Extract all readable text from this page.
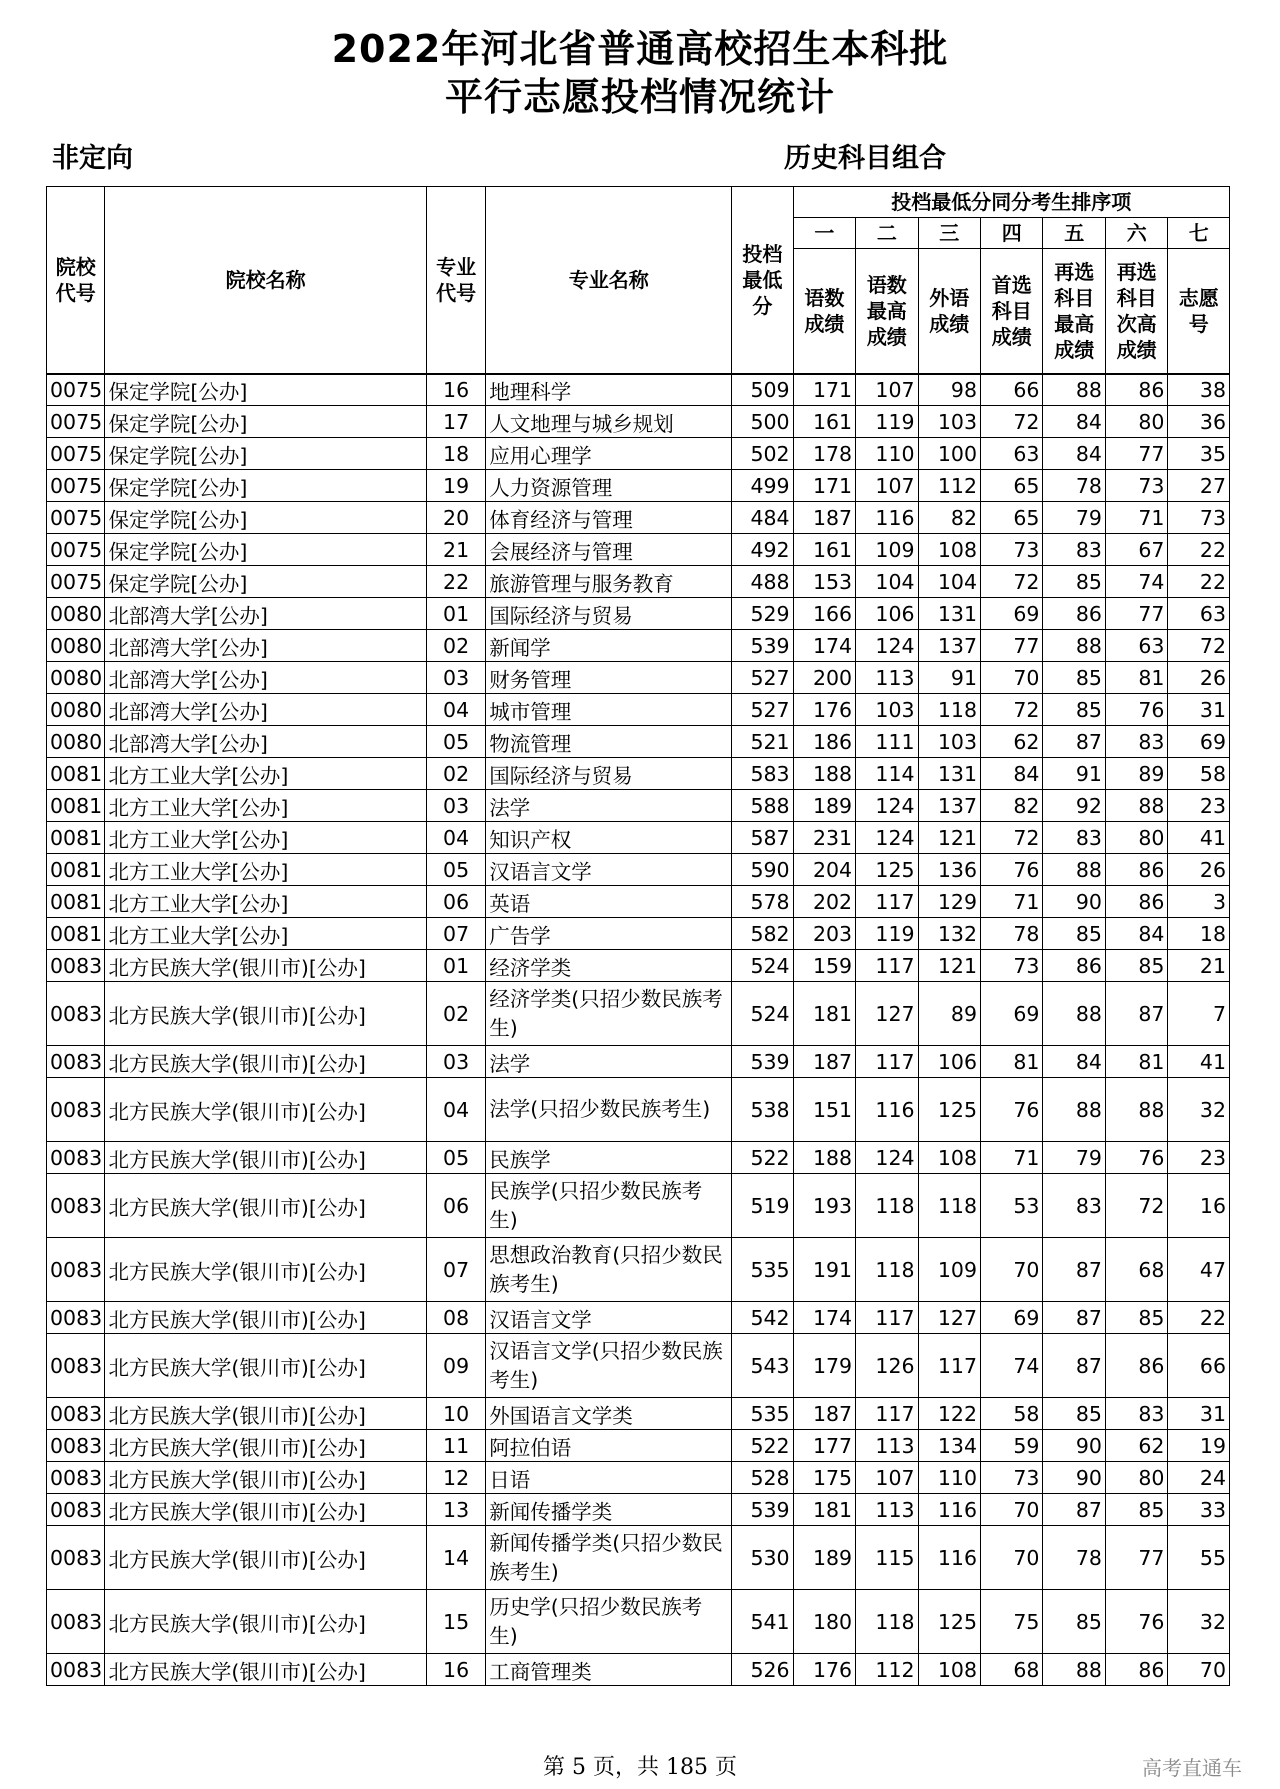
2022年河北省普通高校招生本科批
平行志愿投档情况统计
非定向	历史科目组合
院校代号	院校名称	专业代号	专业名称	投档最低分	投档最低分同分考生排序项						
					一	二	三	四	五	六	七
					语数成绩	语数最高成绩	外语成绩	首选科目成绩	再选科目最高成绩	再选科目次高成绩	志愿号
0075	保定学院[公办]	16	地理科学	509	171	107	98	66	88	86	38
0075	保定学院[公办]	17	人文地理与城乡规划	500	161	119	103	72	84	80	36
0075	保定学院[公办]	18	应用心理学	502	178	110	100	63	84	77	35
0075	保定学院[公办]	19	人力资源管理	499	171	107	112	65	78	73	27
0075	保定学院[公办]	20	体育经济与管理	484	187	116	82	65	79	71	73
0075	保定学院[公办]	21	会展经济与管理	492	161	109	108	73	83	67	22
0075	保定学院[公办]	22	旅游管理与服务教育	488	153	104	104	72	85	74	22
0080	北部湾大学[公办]	01	国际经济与贸易	529	166	106	131	69	86	77	63
0080	北部湾大学[公办]	02	新闻学	539	174	124	137	77	88	63	72
0080	北部湾大学[公办]	03	财务管理	527	200	113	91	70	85	81	26
0080	北部湾大学[公办]	04	城市管理	527	176	103	118	72	85	76	31
0080	北部湾大学[公办]	05	物流管理	521	186	111	103	62	87	83	69
0081	北方工业大学[公办]	02	国际经济与贸易	583	188	114	131	84	91	89	58
0081	北方工业大学[公办]	03	法学	588	189	124	137	82	92	88	23
0081	北方工业大学[公办]	04	知识产权	587	231	124	121	72	83	80	41
0081	北方工业大学[公办]	05	汉语言文学	590	204	125	136	76	88	86	26
0081	北方工业大学[公办]	06	英语	578	202	117	129	71	90	86	3
0081	北方工业大学[公办]	07	广告学	582	203	119	132	78	85	84	18
0083	北方民族大学(银川市)[公办]	01	经济学类	524	159	117	121	73	86	85	21
0083	北方民族大学(银川市)[公办]	02	经济学类(只招少数民族考生)	524	181	127	89	69	88	87	7
0083	北方民族大学(银川市)[公办]	03	法学	539	187	117	106	81	84	81	41
0083	北方民族大学(银川市)[公办]	04	法学(只招少数民族考生)	538	151	116	125	76	88	88	32
0083	北方民族大学(银川市)[公办]	05	民族学	522	188	124	108	71	79	76	23
0083	北方民族大学(银川市)[公办]	06	民族学(只招少数民族考生)	519	193	118	118	53	83	72	16
0083	北方民族大学(银川市)[公办]	07	思想政治教育(只招少数民族考生)	535	191	118	109	70	87	68	47
0083	北方民族大学(银川市)[公办]	08	汉语言文学	542	174	117	127	69	87	85	22
0083	北方民族大学(银川市)[公办]	09	汉语言文学(只招少数民族考生)	543	179	126	117	74	87	86	66
0083	北方民族大学(银川市)[公办]	10	外国语言文学类	535	187	117	122	58	85	83	31
0083	北方民族大学(银川市)[公办]	11	阿拉伯语	522	177	113	134	59	90	62	19
0083	北方民族大学(银川市)[公办]	12	日语	528	175	107	110	73	90	80	24
0083	北方民族大学(银川市)[公办]	13	新闻传播学类	539	181	113	116	70	87	85	33
0083	北方民族大学(银川市)[公办]	14	新闻传播学类(只招少数民族考生)	530	189	115	116	70	78	77	55
0083	北方民族大学(银川市)[公办]	15	历史学(只招少数民族考生)	541	180	118	125	75	85	76	32
0083	北方民族大学(银川市)[公办]	16	工商管理类	526	176	112	108	68	88	86	70
第 5 页，共 185 页	高考直通车
